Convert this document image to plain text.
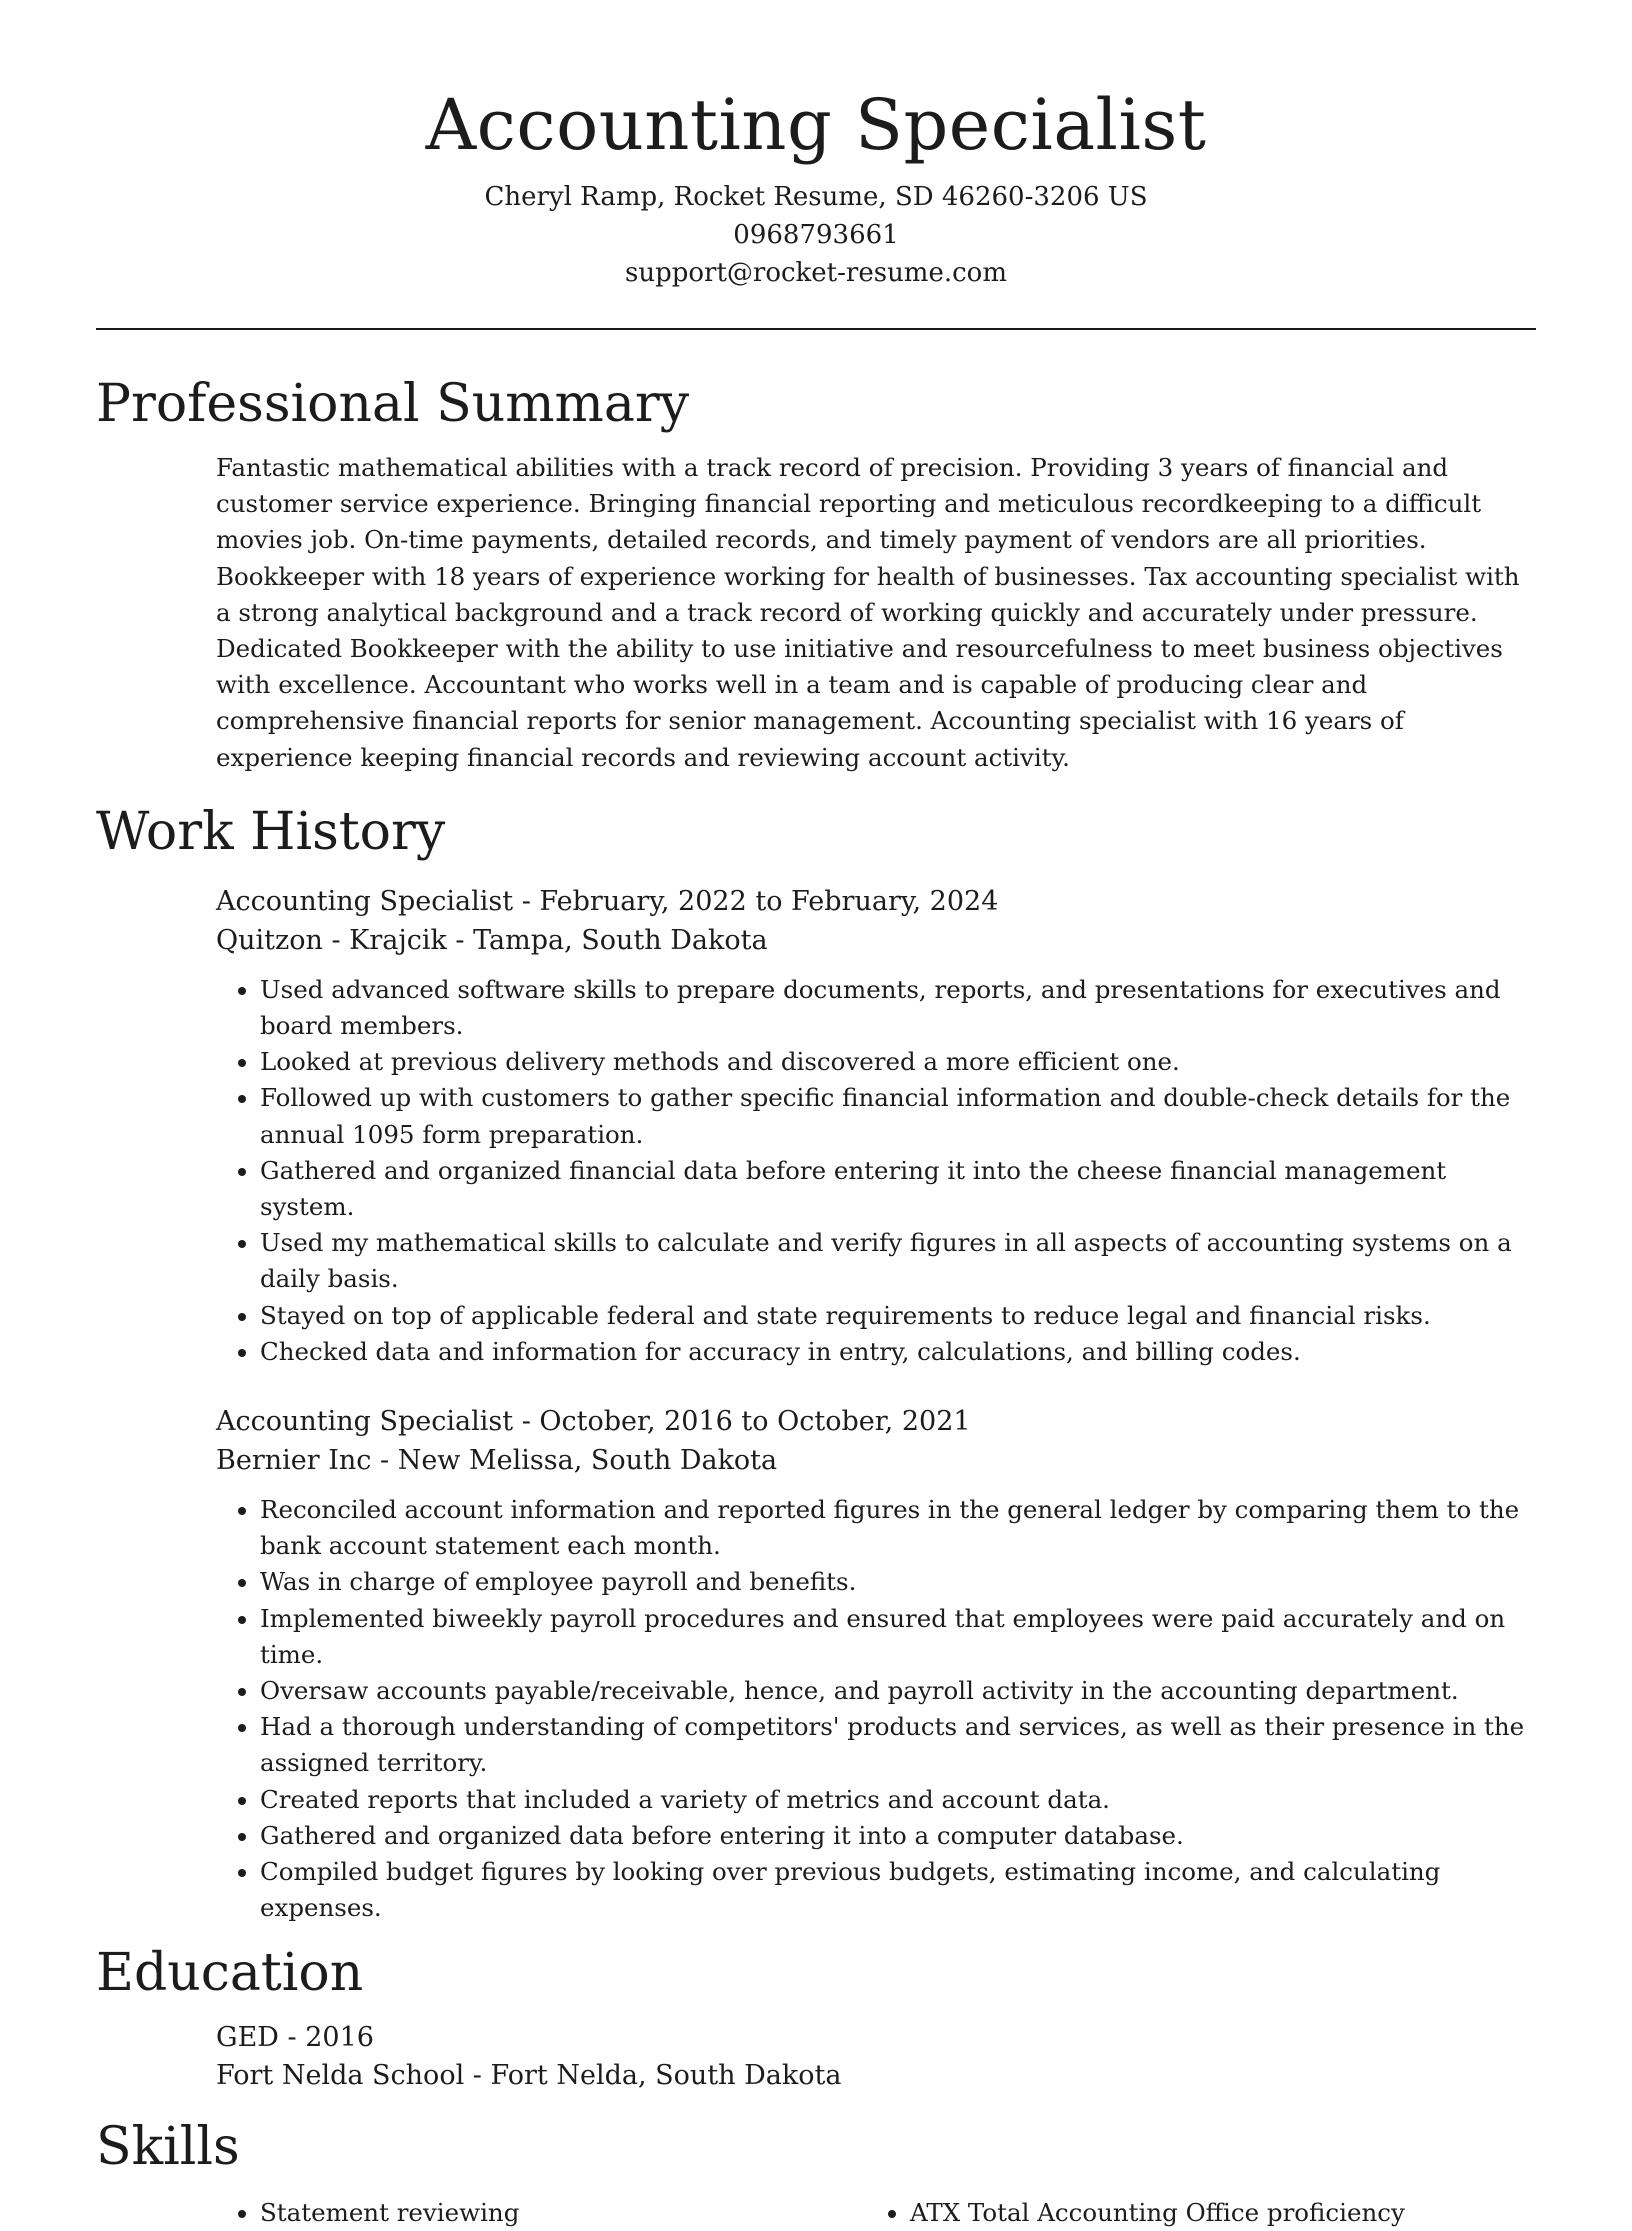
Accounting Specialist
Cheryl Ramp, Rocket Resume, SD 46260-3206 US
0968793661
support@rocket-resume.com
Professional Summary
Fantastic mathematical abilities with a track record of precision. Providing 3 years of financial and customer service experience. Bringing financial reporting and meticulous recordkeeping to a difficult movies job. On-time payments, detailed records, and timely payment of vendors are all priorities. Bookkeeper with 18 years of experience working for health of businesses. Tax accounting specialist with a strong analytical background and a track record of working quickly and accurately under pressure. Dedicated Bookkeeper with the ability to use initiative and resourcefulness to meet business objectives with excellence. Accountant who works well in a team and is capable of producing clear and comprehensive financial reports for senior management. Accounting specialist with 16 years of experience keeping financial records and reviewing account activity.
Work History
Accounting Specialist - February, 2022 to February, 2024
Quitzon - Krajcik - Tampa, South Dakota
• Used advanced software skills to prepare documents, reports, and presentations for executives and board members.
• Looked at previous delivery methods and discovered a more efficient one.
• Followed up with customers to gather specific financial information and double-check details for the annual 1095 form preparation.
• Gathered and organized financial data before entering it into the cheese financial management system.
• Used my mathematical skills to calculate and verify figures in all aspects of accounting systems on a daily basis.
• Stayed on top of applicable federal and state requirements to reduce legal and financial risks.
• Checked data and information for accuracy in entry, calculations, and billing codes.
Accounting Specialist - October, 2016 to October, 2021
Bernier Inc - New Melissa, South Dakota
• Reconciled account information and reported figures in the general ledger by comparing them to the bank account statement each month.
• Was in charge of employee payroll and benefits.
• Implemented biweekly payroll procedures and ensured that employees were paid accurately and on time.
• Oversaw accounts payable/receivable, hence, and payroll activity in the accounting department.
• Had a thorough understanding of competitors' products and services, as well as their presence in the assigned territory.
• Created reports that included a variety of metrics and account data.
• Gathered and organized data before entering it into a computer database.
• Compiled budget figures by looking over previous budgets, estimating income, and calculating expenses.
Education
GED - 2016
Fort Nelda School - Fort Nelda, South Dakota
Skills
• Statement reviewing
•	ATX Total Accounting Office proficiency
